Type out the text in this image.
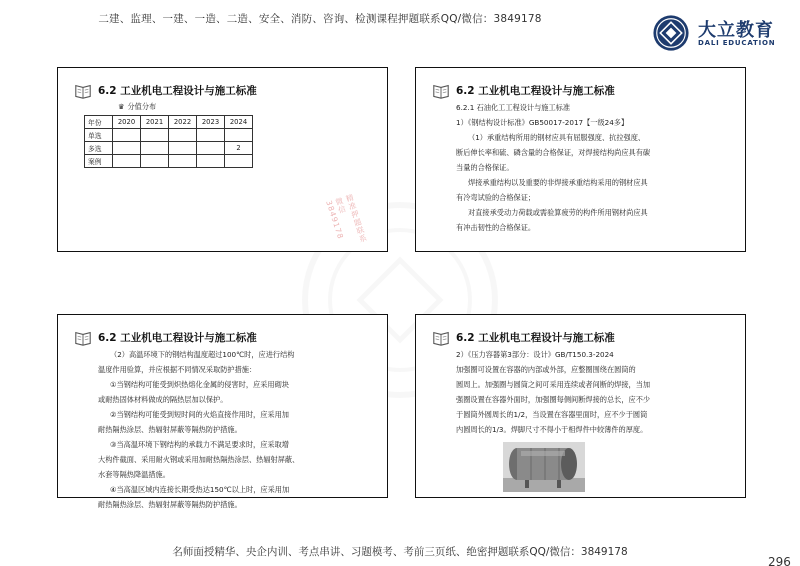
二建、监理、一建、一造、二造、安全、消防、咨询、检测课程押题联系QQ/微信：3849178
大立教育
DALI EDUCATION
6.2 工业机电工程设计与施工标准
♛ 分值分布
年份	2020	2021	2022	2023	2024
单选					
多选					2
案例					
精准押题联系微信3849178
6.2 工业机电工程设计与施工标准

6.2.1 石油化工工程设计与施工标准

1）《钢结构设计标准》GB50017-2017【一级24多】

（1）承重结构所用的钢材应具有屈服强度、抗拉强度、

断后伸长率和硫、磷含量的合格保证，对焊接结构尚应具有碳

当量的合格保证。

焊接承重结构以及重要的非焊接承重结构采用的钢材应具

有冷弯试验的合格保证；

对直接承受动力荷载或需验算疲劳的构件所用钢材尚应具

有冲击韧性的合格保证。

6.2 工业机电工程设计与施工标准

（2）高温环境下的钢结构温度超过100℃时，应进行结构

温度作用验算，并应根据不同情况采取防护措施：

①当钢结构可能受到炽热熔化金属的侵害时，应采用砌块

或耐热固体材料做成的隔热层加以保护。

②当钢结构可能受到短时间的火焰直接作用时，应采用加

耐热隔热涂层、热辐射屏蔽等隔热防护措施。

③当高温环境下钢结构的承载力不满足要求时，应采取增

大构件截面、采用耐火钢或采用加耐热隔热涂层、热辐射屏蔽、

水套等隔热降温措施。

④当高温区域内连接长期受热达150℃以上时，应采用加

耐热隔热涂层、热辐射屏蔽等隔热防护措施。

6.2 工业机电工程设计与施工标准

2）《压力容器第3部分：设计》GB/T150.3-2024

加强圈可设置在容器的内部或外部，应整圈围绕在圆筒的

圆周上。加强圈与圆筒之间可采用连续或者间断的焊接，当加

强圈设置在容器外面时，加强圈每侧间断焊接的总长，应不少

于圆筒外圆周长的1/2，当设置在容器里面时，应不少于圆筒

内圆周长的1/3。焊脚尺寸不得小于相焊件中较薄件的厚度。

名师面授精华、央企内训、考点串讲、习题模考、考前三页纸、绝密押题联系QQ/微信：3849178
296
